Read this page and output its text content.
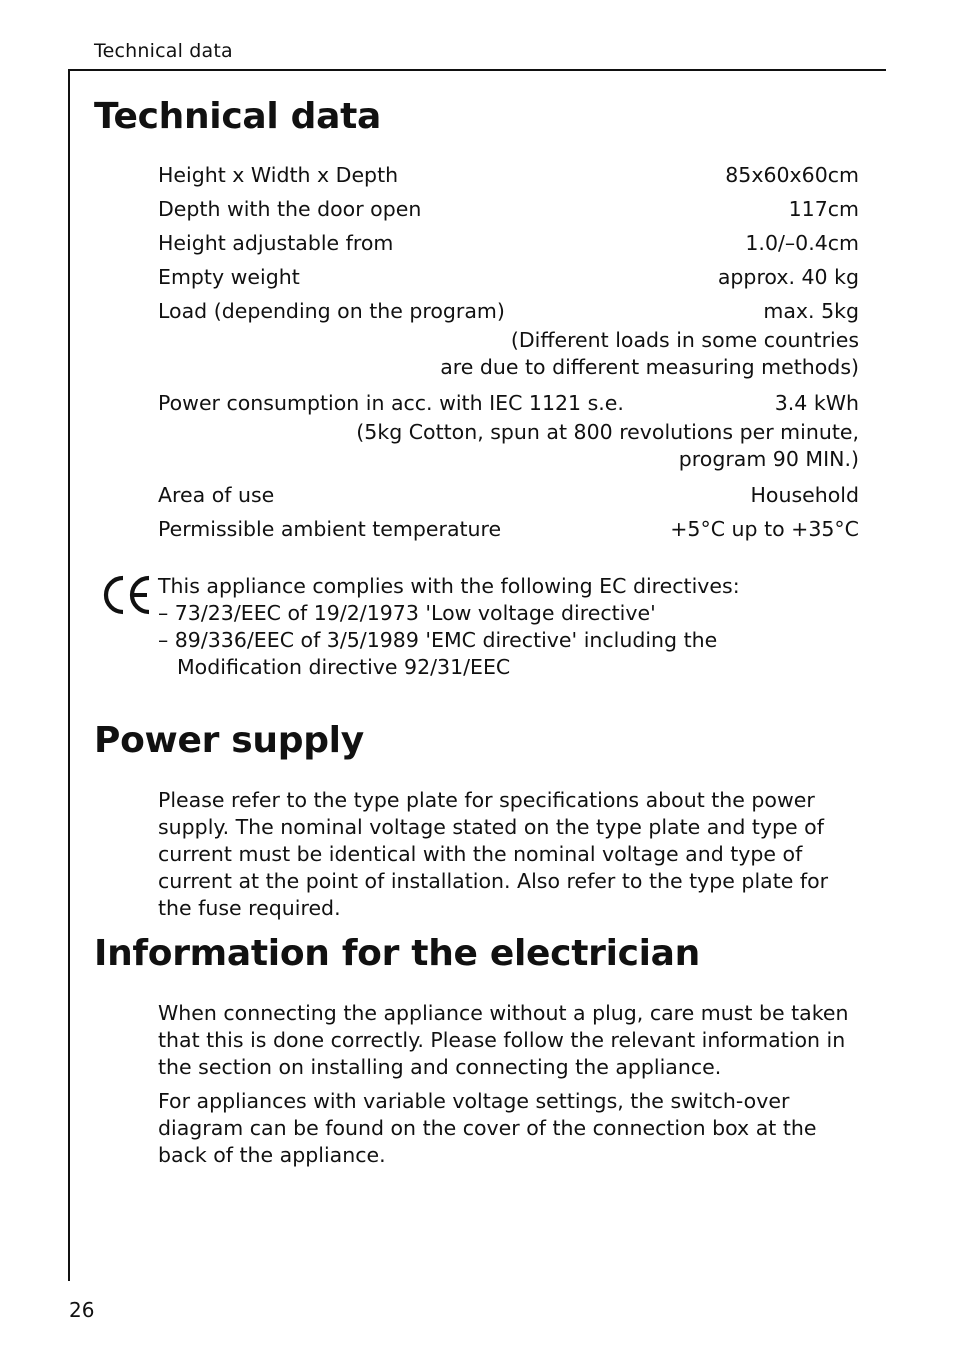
Technical data
Technical data
Height x Width x Depth	85x60x60cm
Depth with the door open	117cm
Height adjustable from	1.0/–0.4cm
Empty weight	approx. 40 kg
Load (depending on the program)	max. 5kg
(Different loads in some countries
are due to different measuring methods)
Power consumption in acc. with IEC 1121 s.e.	3.4 kWh
(5kg Cotton, spun at 800 revolutions per minute,
program 90 MIN.)
Area of use	Household
Permissible ambient temperature	+5°C up to +35°C
This appliance complies with the following EC directives:
– 73/23/EEC of 19/2/1973 'Low voltage directive'
– 89/336/EEC of 3/5/1989 'EMC directive' including the
Modification directive 92/31/EEC
Power supply

Please refer to the type plate for specifications about the power supply. The nominal voltage stated on the type plate and type of current must be identical with the nominal voltage and type of current at the point of installation. Also refer to the type plate for the fuse required.

Information for the electrician

When connecting the appliance without a plug, care must be taken that this is done correctly. Please follow the relevant information in the section on installing and connecting the appliance.

For appliances with variable voltage settings, the switch-over diagram can be found on the cover of the connection box at the back of the appliance.

26
